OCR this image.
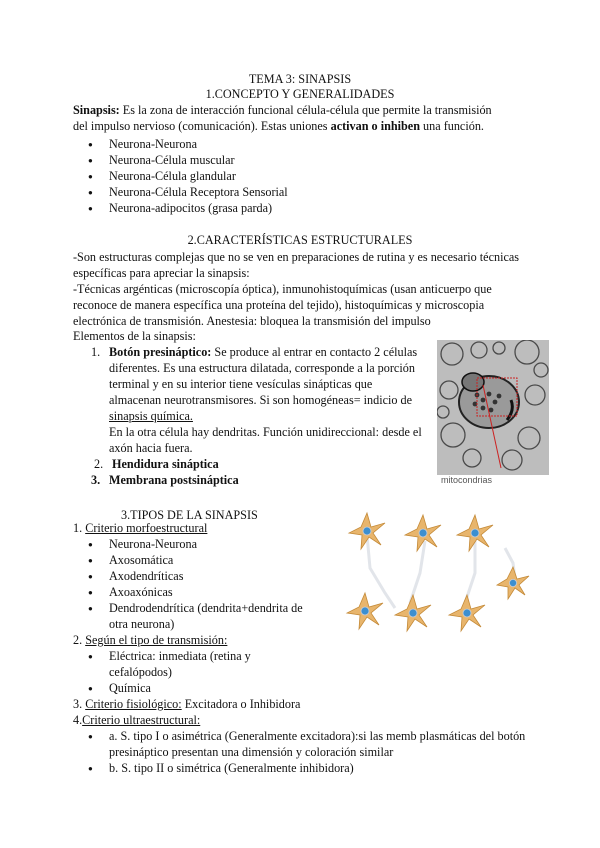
TEMA 3: SINAPSIS
1.CONCEPTO Y GENERALIDADES
Sinapsis: Es la zona de interacción funcional célula-célula que permite la transmisión
del impulso nervioso (comunicación). Estas uniones activan o inhiben una función.
● Neurona-Neurona
● Neurona-Célula muscular
● Neurona-Célula glandular
● Neurona-Célula Receptora Sensorial
● Neurona-adipocitos (grasa parda)
2.CARACTERÍSTICAS ESTRUCTURALES
-Son estructuras complejas que no se ven en preparaciones de rutina y es necesario técnicas
específicas para apreciar la sinapsis:
-Técnicas argénticas (microscopía óptica), inmunohistoquímicas (usan anticuerpo que
reconoce de manera específica una proteína del tejido), histoquímicas y microscopia
electrónica de transmisión. Anestesia: bloquea la transmisión del impulso
Elementos de la sinapsis:
1. Botón presináptico: Se produce al entrar en contacto 2 células
diferentes. Es una estructura dilatada, corresponde a la porción
terminal y en su interior tiene vesículas sinápticas que
almacenan neurotransmisores. Si son homogéneas= indicio de
sinapsis química.
En la otra célula hay dendritas. Función unidireccional: desde el
axón hacia fuera.
2. Hendidura sináptica
3. Membrana postsináptica	mitocondrias
3.TIPOS DE LA SINAPSIS
1. Criterio morfoestructural
● Neurona-Neurona
● Axosomática
● Axodendríticas
● Axoaxónicas
● Dendrodendrítica (dendrita+dendrita de
otra neurona)
2. Según el tipo de transmisión:
● Eléctrica: inmediata (retina y
cefalópodos)
● Química
3. Criterio fisiológico: Excitadora o Inhibidora
4.Criterio ultraestructural:
● a. S. tipo I o asimétrica (Generalmente excitadora):si las memb plasmáticas del botón
presináptico presentan una dimensión y coloración similar
● b. S. tipo II o simétrica (Generalmente inhibidora)
